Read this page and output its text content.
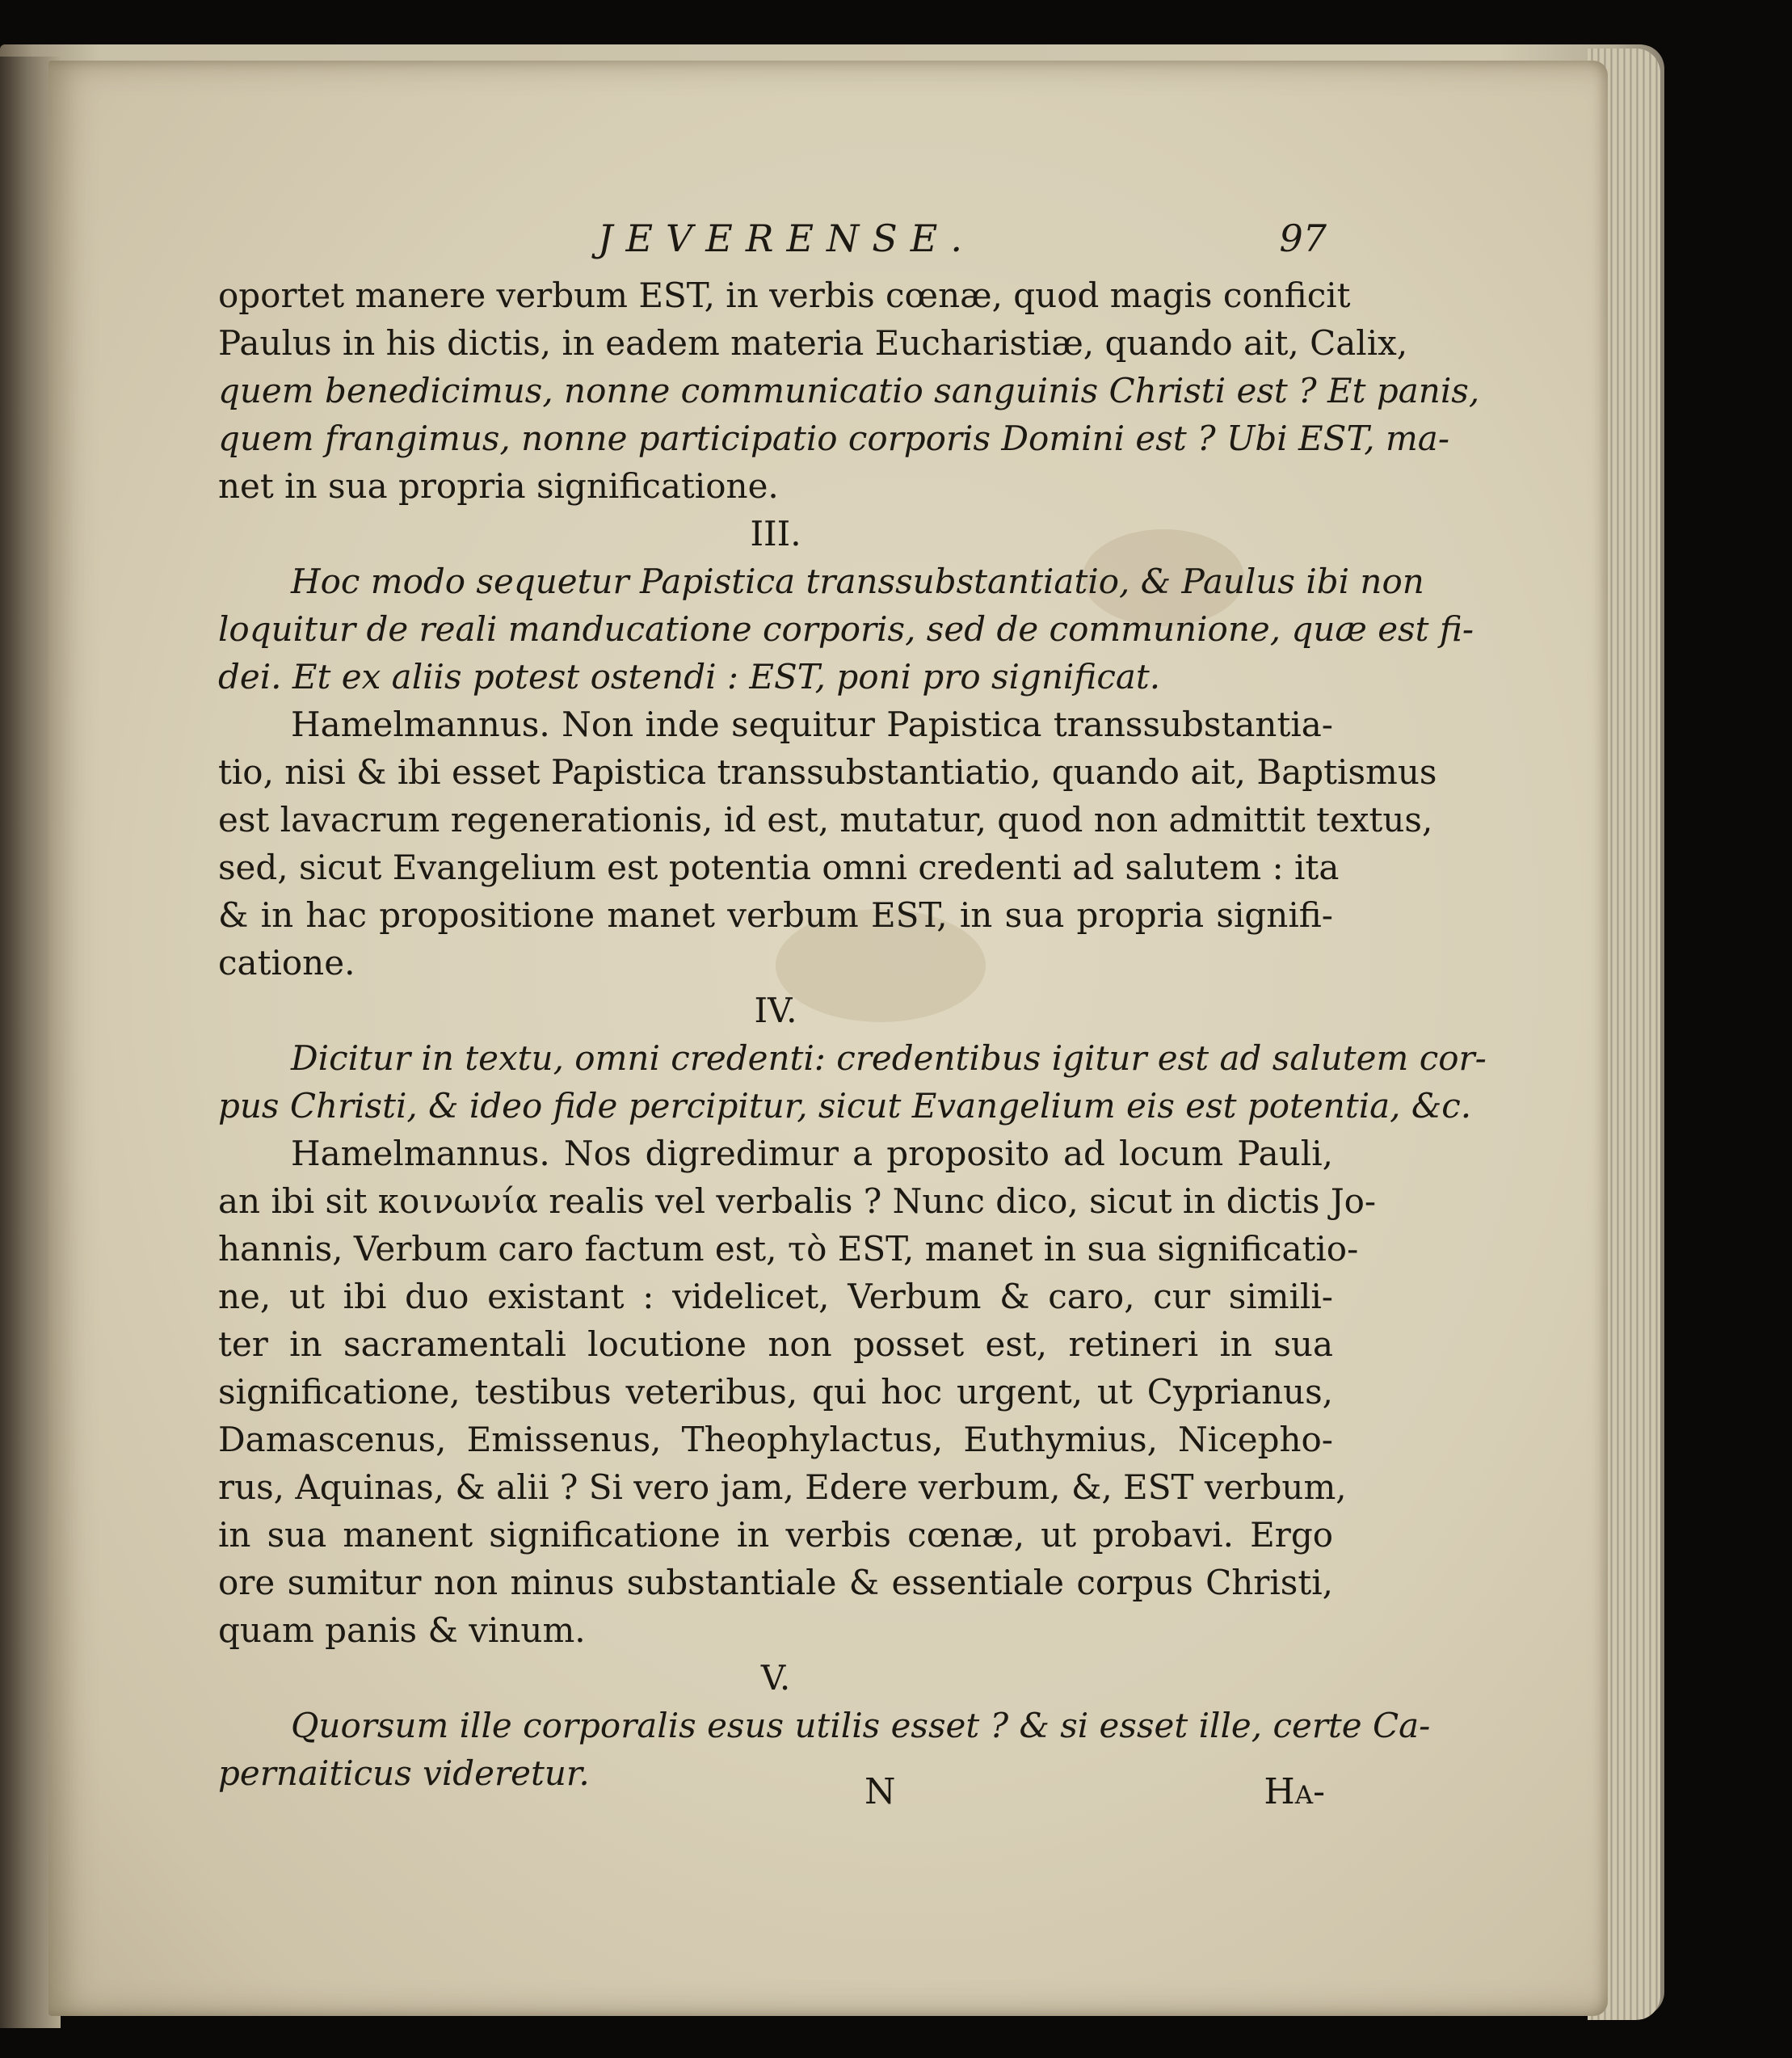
JEVERENSE.	97
oportet manere verbum EST, in verbis cœnæ, quod magis conficit
Paulus in his dictis, in eadem materia Eucharistiæ, quando ait, Calix,
quem benedicimus, nonne communicatio sanguinis Christi est ? Et panis,
quem frangimus, nonne participatio corporis Domini est ? Ubi EST, ma-
net in sua propria significatione.
III.
Hoc modo sequetur Papistica transsubstantiatio, & Paulus ibi non
loquitur de reali manducatione corporis, sed de communione, quæ est fi-
dei. Et ex aliis potest ostendi : EST, poni pro significat.
Hamelmannus. Non inde sequitur Papistica transsubstantia-
tio, nisi & ibi esset Papistica transsubstantiatio, quando ait, Baptismus
est lavacrum regenerationis, id est, mutatur, quod non admittit textus,
sed, sicut Evangelium est potentia omni credenti ad salutem : ita
& in hac propositione manet verbum EST, in sua propria signifi-
catione.
IV.
Dicitur in textu, omni credenti: credentibus igitur est ad salutem cor-
pus Christi, & ideo fide percipitur, sicut Evangelium eis est potentia, &c.
Hamelmannus. Nos digredimur a proposito ad locum Pauli,
an ibi sit κοινωνία realis vel verbalis ? Nunc dico, sicut in dictis Jo-
hannis, Verbum caro factum est, τὸ EST, manet in sua significatio-
ne, ut ibi duo existant : videlicet, Verbum & caro, cur simili-
ter in sacramentali locutione non posset est, retineri in sua
significatione, testibus veteribus, qui hoc urgent, ut Cyprianus,
Damascenus, Emissenus, Theophylactus, Euthymius, Nicepho-
rus, Aquinas, & alii ? Si vero jam, Edere verbum, &, EST verbum,
in sua manent significatione in verbis cœnæ, ut probavi. Ergo
ore sumitur non minus substantiale & essentiale corpus Christi,
quam panis & vinum.
V.
Quorsum ille corporalis esus utilis esset ? & si esset ille, certe Ca-
pernaiticus videretur.	N	Ha-
